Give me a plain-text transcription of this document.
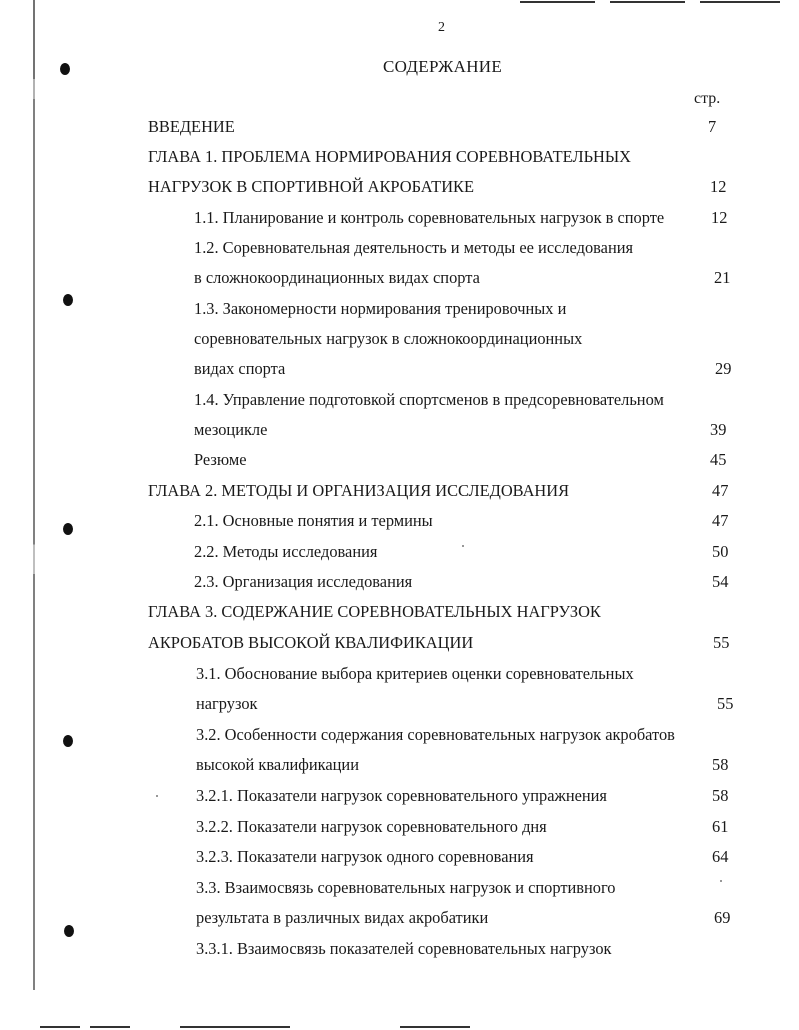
2
СОДЕРЖАНИЕ
стр.
ВВЕДЕНИЕ	7
ГЛАВА 1. ПРОБЛЕМА НОРМИРОВАНИЯ СОРЕВНОВАТЕЛЬНЫХ
НАГРУЗОК В СПОРТИВНОЙ АКРОБАТИКЕ	12
1.1. Планирование и контроль соревновательных нагрузок в спорте	12
1.2. Соревновательная деятельность и методы ее исследования
в сложнокоординационных видах спорта	21
1.3. Закономерности нормирования тренировочных и
соревновательных нагрузок в сложнокоординационных
видах спорта	29
1.4. Управление подготовкой спортсменов в предсоревновательном
мезоцикле	39
Резюме	45
ГЛАВА 2. МЕТОДЫ И ОРГАНИЗАЦИЯ ИССЛЕДОВАНИЯ	47
2.1. Основные понятия и термины	47
2.2. Методы исследования	50
2.3. Организация исследования	54
ГЛАВА 3. СОДЕРЖАНИЕ СОРЕВНОВАТЕЛЬНЫХ НАГРУЗОК
АКРОБАТОВ ВЫСОКОЙ КВАЛИФИКАЦИИ	55
3.1. Обоснование выбора критериев оценки соревновательных
нагрузок	55
3.2. Особенности содержания соревновательных нагрузок акробатов
высокой квалификации	58
3.2.1. Показатели нагрузок соревновательного упражнения	58
3.2.2. Показатели нагрузок соревновательного дня	61
3.2.3. Показатели нагрузок одного соревнования	64
3.3. Взаимосвязь соревновательных нагрузок и спортивного
результата в различных видах акробатики	69
3.3.1. Взаимосвязь показателей соревновательных нагрузок
